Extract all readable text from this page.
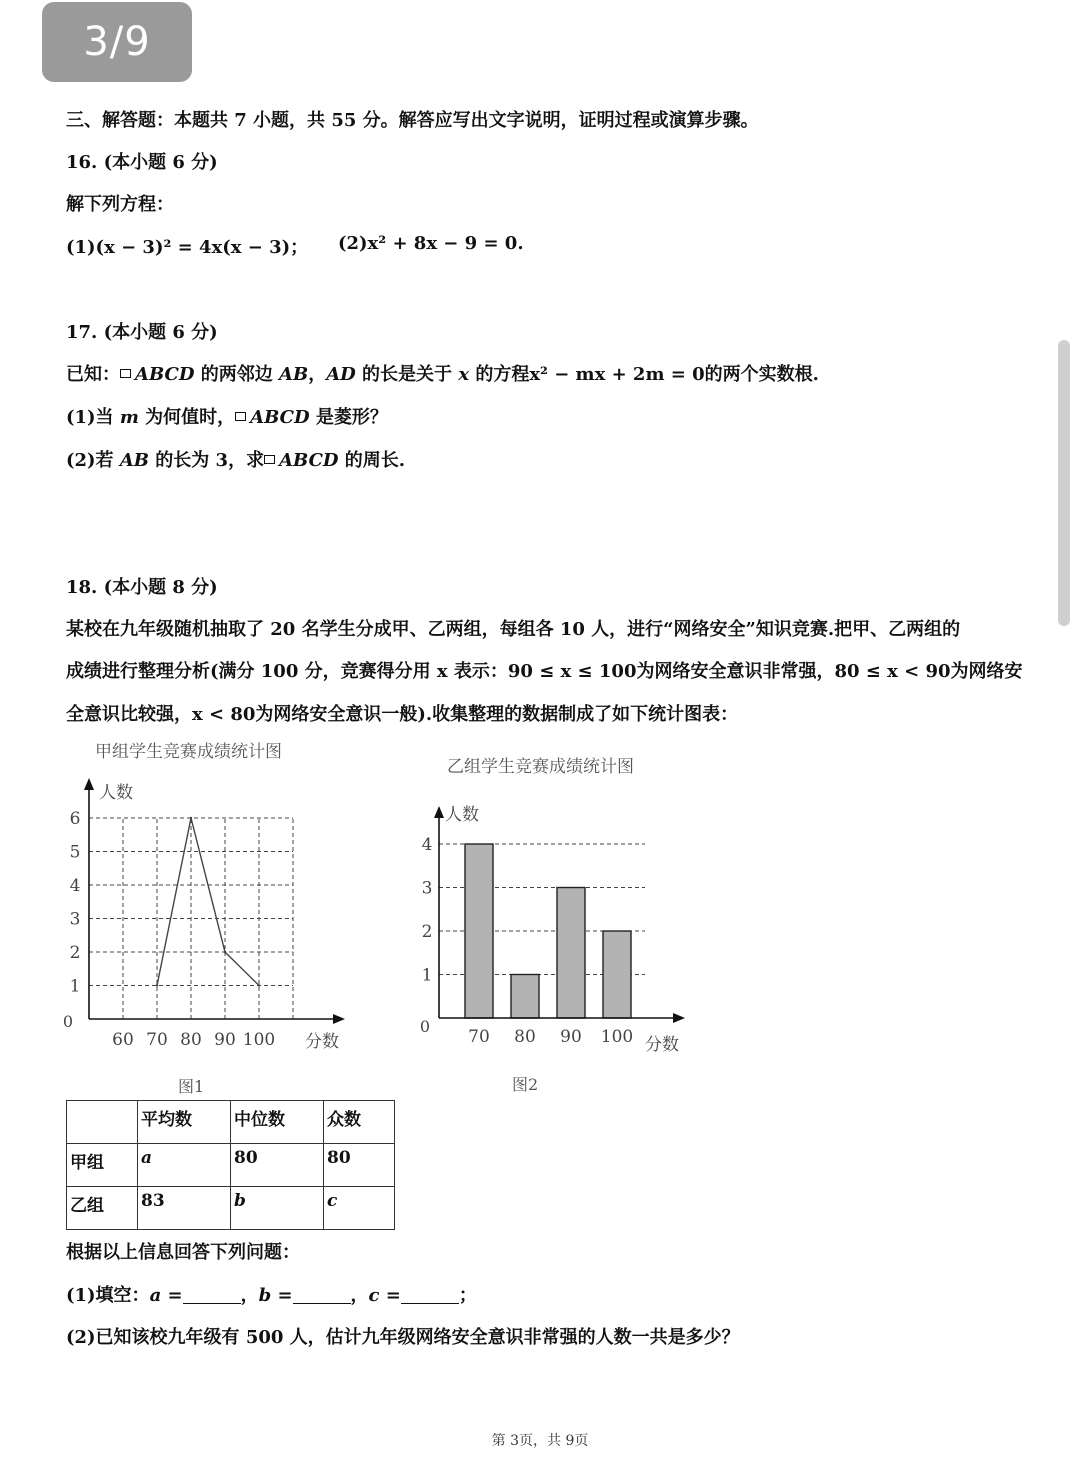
3/9
三、解答题：本题共 7 小题，共 55 分。解答应写出文字说明，证明过程或演算步骤。
16. (本小题 6 分)
解下列方程：
(1)(x − 3)² = 4x(x − 3)； (2)x² + 8x − 9 = 0.
17. (本小题 6 分)
已知： ABCD 的两邻边 AB，AD 的长是关于 x 的方程x² − mx + 2m = 0的两个实数根.
(1)当 m 为何值时， ABCD 是菱形？
(2)若 AB 的长为 3，求 ABCD 的周长.
18. (本小题 8 分)
某校在九年级随机抽取了 20 名学生分成甲、乙两组，每组各 10 人，进行“网络安全”知识竞赛.把甲、乙两组的
成绩进行整理分析(满分 100 分，竞赛得分用 x 表示：90 ≤ x ≤ 100为网络安全意识非常强，80 ≤ x < 90为网络安
全意识比较强，x < 80为网络安全意识一般).收集整理的数据制成了如下统计图表：
甲组学生竞赛成绩统计图
乙组学生竞赛成绩统计图
人数
分数
0
60 70 80 90 100
1
2
3
4
5
6
70 80 90 100
人数
分数
0
1
2
3
4
图1	图2
	平均数	中位数	众数
甲组	a	80	80
乙组	83	b	c
根据以上信息回答下列问题：
(1)填空：a =	，b =	，c =	；
(2)已知该校九年级有 500 人，估计九年级网络安全意识非常强的人数一共是多少？
第 3页，共 9页
